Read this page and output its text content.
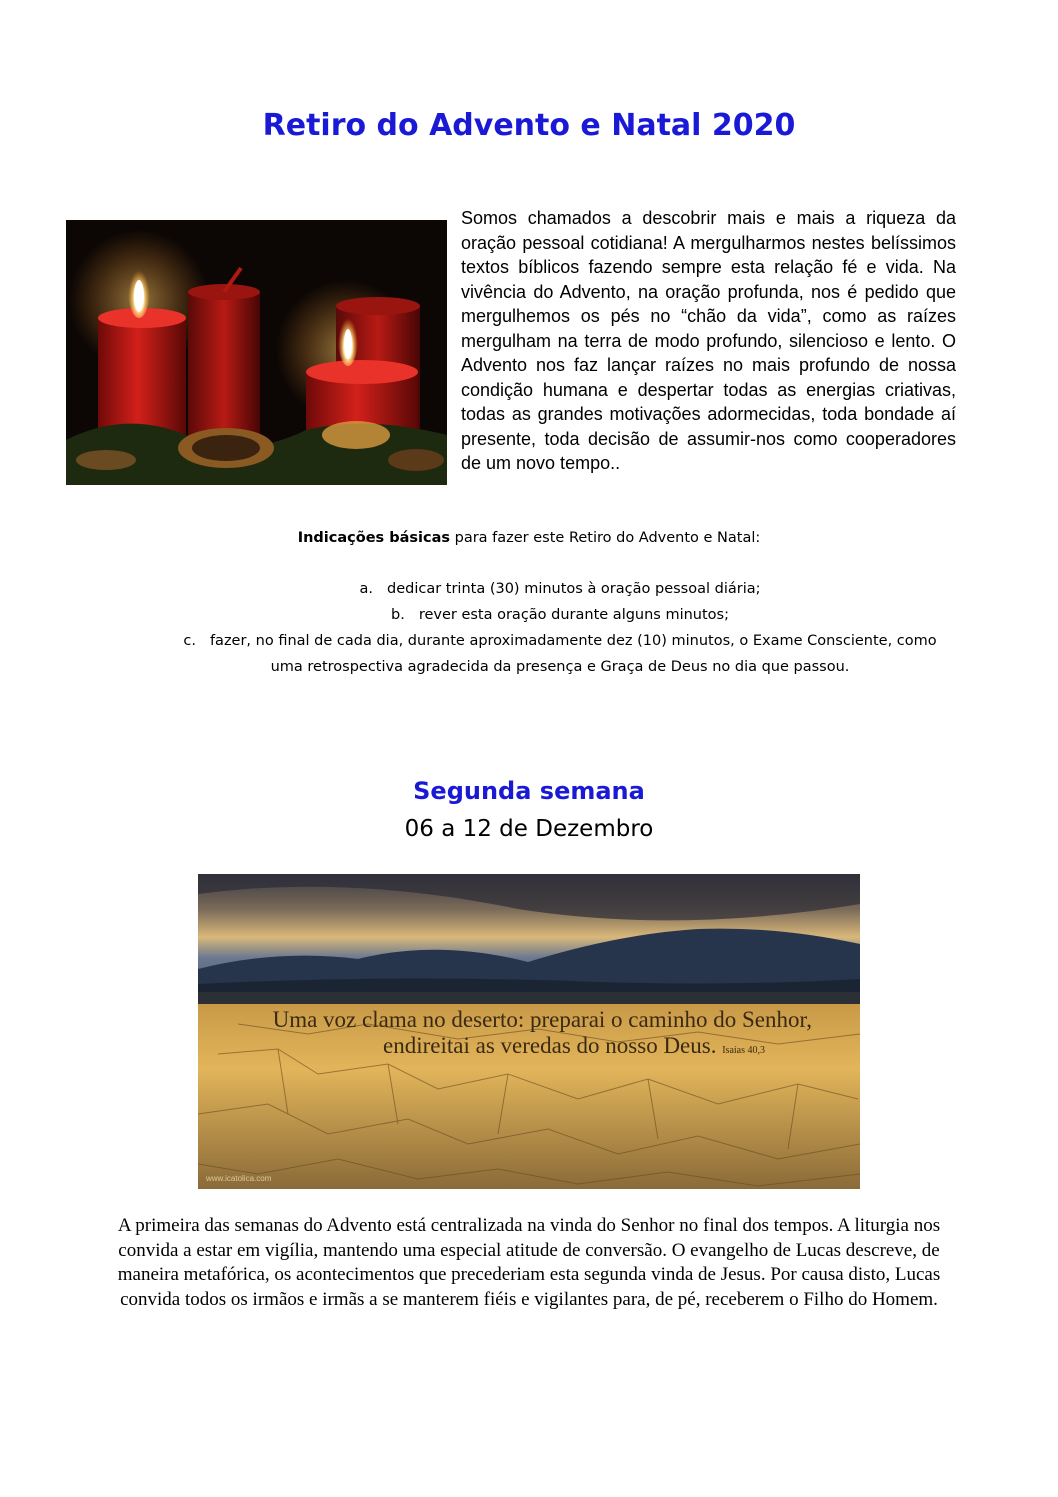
Retiro do Advento e Natal 2020

Somos chamados a descobrir mais e mais a riqueza da oração pessoal cotidiana! A mergulharmos nestes belíssimos textos bíblicos fazendo sempre esta relação fé e vida. Na vivência do Advento, na oração profunda, nos é pedido que mergulhemos os pés no “chão da vida”, como as raízes mergulham na terra de modo profundo, silencioso e lento. O Advento nos faz lançar raízes no mais profundo de nossa condição humana e despertar todas as energias criativas, todas as grandes motivações adormecidas, toda bondade aí presente, toda decisão de assumir-nos como cooperadores de um novo tempo..

Indicações básicas para fazer este Retiro do Advento e Natal:
a. dedicar trinta (30) minutos à oração pessoal diária;
b. rever esta oração durante alguns minutos;
c. fazer, no final de cada dia, durante aproximadamente dez (10) minutos, o Exame Consciente, como uma retrospectiva agradecida da presença e Graça de Deus no dia que passou.
Segunda semana
06 a 12 de Dezembro
Uma voz clama no deserto: preparai o caminho do Senhor,
endireitai as veredas do nosso Deus. Isaías 40,3
www.icatolica.com

A primeira das semanas do Advento está centralizada na vinda do Senhor no final dos tempos. A liturgia nos convida a estar em vigília, mantendo uma especial atitude de conversão. O evangelho de Lucas descreve, de maneira metafórica, os acontecimentos que precederiam esta segunda vinda de Jesus. Por causa disto, Lucas convida todos os irmãos e irmãs a se manterem fiéis e vigilantes para, de pé, receberem o Filho do Homem.
